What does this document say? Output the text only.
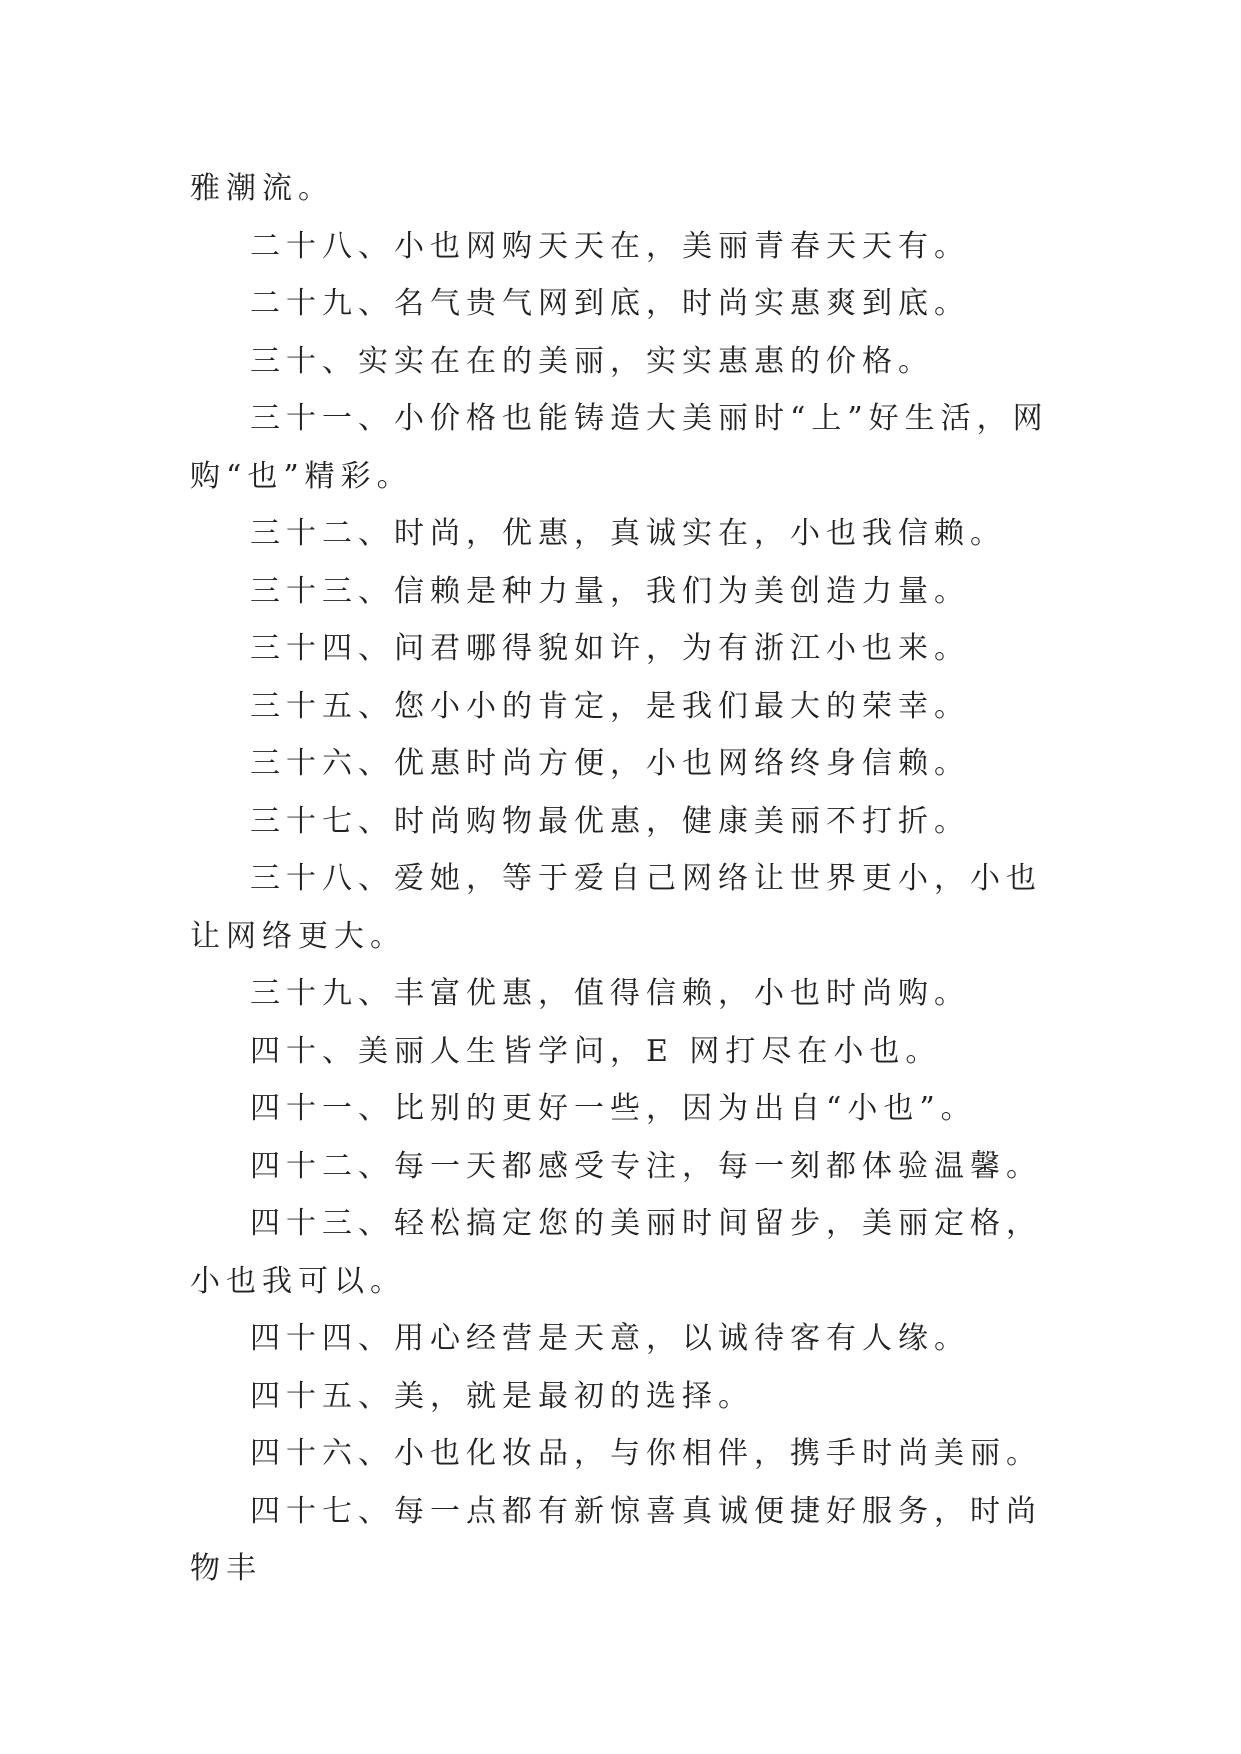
雅潮流。

二十八、小也网购天天在，美丽青春天天有。

二十九、名气贵气网到底，时尚实惠爽到底。

三十、实实在在的美丽，实实惠惠的价格。

三十一、小价格也能铸造大美丽时“上”好生活，网购“也”精彩。

三十二、时尚，优惠，真诚实在，小也我信赖。

三十三、信赖是种力量，我们为美创造力量。

三十四、问君哪得貌如许，为有浙江小也来。

三十五、您小小的肯定，是我们最大的荣幸。

三十六、优惠时尚方便，小也网络终身信赖。

三十七、时尚购物最优惠，健康美丽不打折。

三十八、爱她，等于爱自己网络让世界更小，小也让网络更大。

三十九、丰富优惠，值得信赖，小也时尚购。

四十、美丽人生皆学问，E 网打尽在小也。

四十一、比别的更好一些，因为出自“小也”。

四十二、每一天都感受专注，每一刻都体验温馨。

四十三、轻松搞定您的美丽时间留步，美丽定格，小也我可以。

四十四、用心经营是天意，以诚待客有人缘。

四十五、美，就是最初的选择。

四十六、小也化妆品，与你相伴，携手时尚美丽。

四十七、每一点都有新惊喜真诚便捷好服务，时尚物丰
